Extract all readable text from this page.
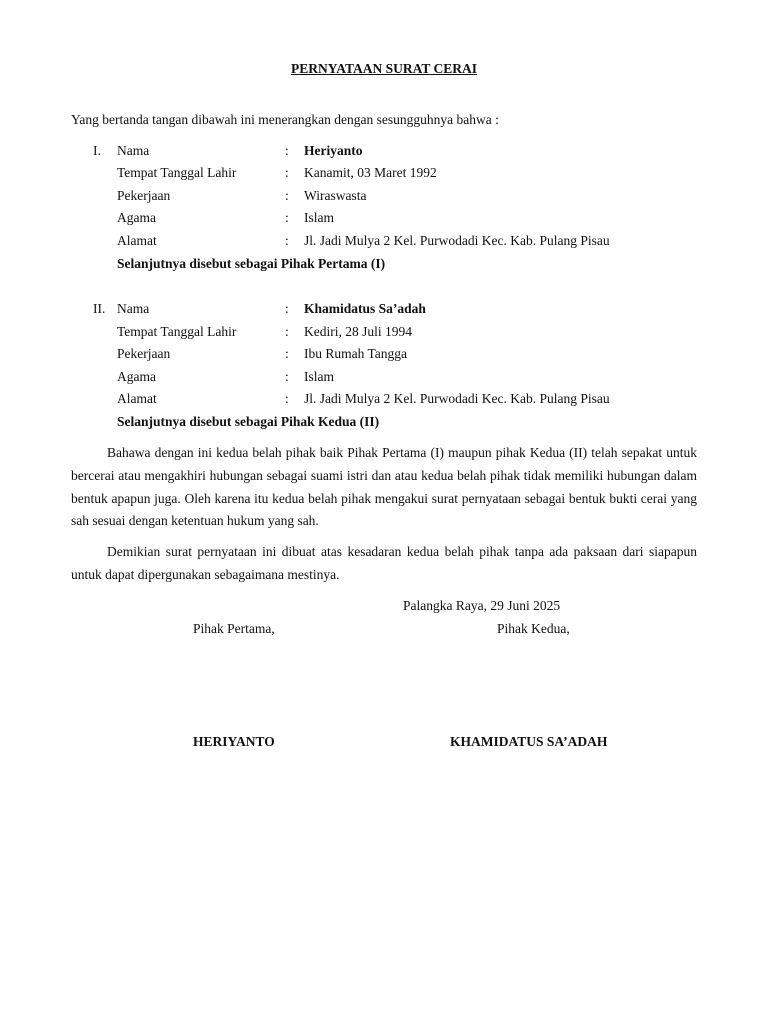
PERNYATAAN SURAT CERAI
Yang bertanda tangan dibawah ini menerangkan dengan sesungguhnya bahwa :
I. Nama	: Heriyanto
Tempat Tanggal Lahir	: Kanamit, 03 Maret 1992
Pekerjaan	: Wiraswasta
Agama	: Islam
Alamat	: Jl. Jadi Mulya 2 Kel. Purwodadi Kec. Kab. Pulang Pisau
Selanjutnya disebut sebagai Pihak Pertama (I)
II. Nama	: Khamidatus Sa’adah
Tempat Tanggal Lahir	: Kediri, 28 Juli 1994
Pekerjaan	: Ibu Rumah Tangga
Agama	: Islam
Alamat	: Jl. Jadi Mulya 2 Kel. Purwodadi Kec. Kab. Pulang Pisau
Selanjutnya disebut sebagai Pihak Kedua (II)

Bahawa dengan ini kedua belah pihak baik Pihak Pertama (I) maupun pihak Kedua (II) telah sepakat untuk bercerai atau mengakhiri hubungan sebagai suami istri dan atau kedua belah pihak tidak memiliki hubungan dalam bentuk apapun juga. Oleh karena itu kedua belah pihak mengakui surat pernyataan sebagai bentuk bukti cerai yang sah sesuai dengan ketentuan hukum yang sah.

Demikian surat pernyataan ini dibuat atas kesadaran kedua belah pihak tanpa ada paksaan dari siapapun untuk dapat dipergunakan sebagaimana mestinya.

Palangka Raya, 29 Juni 2025
Pihak Pertama,	Pihak Kedua,
HERIYANTO	KHAMIDATUS SA’ADAH
